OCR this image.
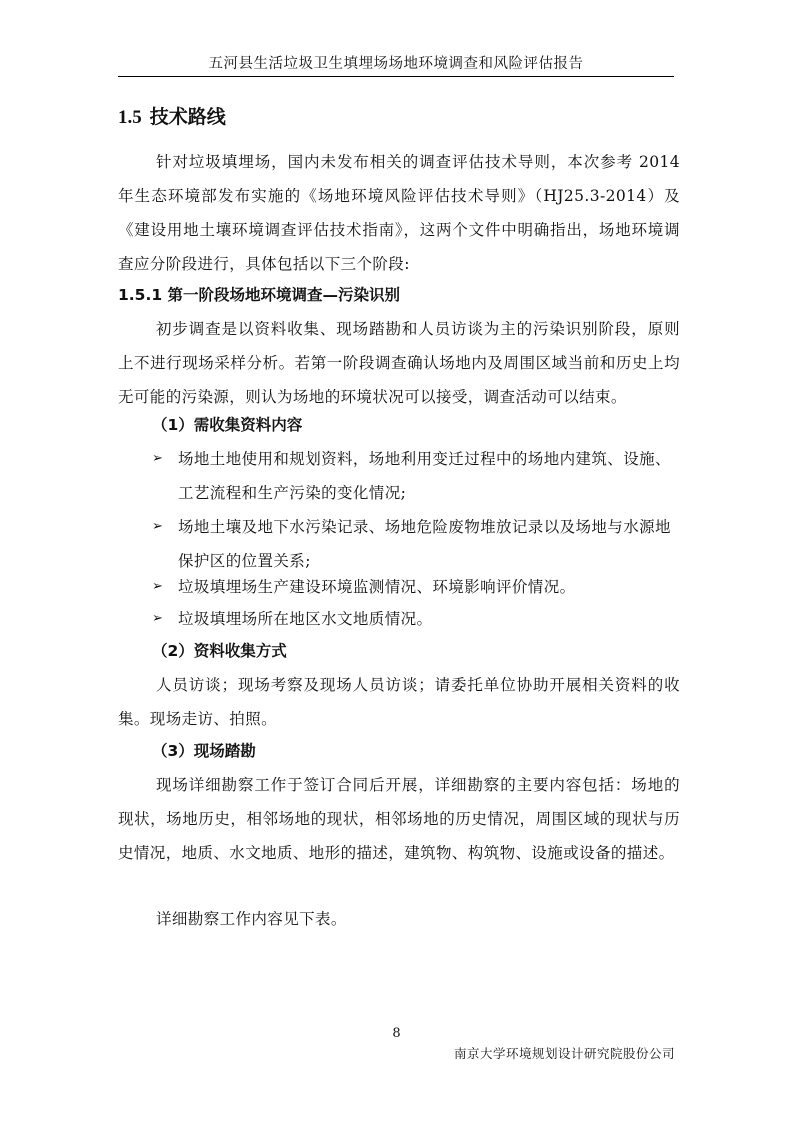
五河县生活垃圾卫生填埋场场地环境调查和风险评估报告
1.5 技术路线
针对垃圾填埋场，国内未发布相关的调查评估技术导则，本次参考 2014 年生态环境部发布实施的《场地环境风险评估技术导则》（HJ25.3-2014）及《建设用地土壤环境调查评估技术指南》，这两个文件中明确指出，场地环境调查应分阶段进行，具体包括以下三个阶段:
1.5.1 第一阶段场地环境调查—污染识别
初步调查是以资料收集、现场踏勘和人员访谈为主的污染识别阶段，原则上不进行现场采样分析。若第一阶段调查确认场地内及周围区域当前和历史上均无可能的污染源，则认为场地的环境状况可以接受，调查活动可以结束。
（1）需收集资料内容
➢ 场地土地使用和规划资料，场地利用变迁过程中的场地内建筑、设施、工艺流程和生产污染的变化情况;
➢ 场地土壤及地下水污染记录、场地危险废物堆放记录以及场地与水源地保护区的位置关系;
➢ 垃圾填埋场生产建设环境监测情况、环境影响评价情况。
➢ 垃圾填埋场所在地区水文地质情况。
（2）资料收集方式
人员访谈；现场考察及现场人员访谈；请委托单位协助开展相关资料的收集。现场走访、拍照。
（3）现场踏勘
现场详细勘察工作于签订合同后开展，详细勘察的主要内容包括：场地的现状，场地历史，相邻场地的现状，相邻场地的历史情况，周围区域的现状与历史情况，地质、水文地质、地形的描述，建筑物、构筑物、设施或设备的描述。
详细勘察工作内容见下表。
8
南京大学环境规划设计研究院股份公司
